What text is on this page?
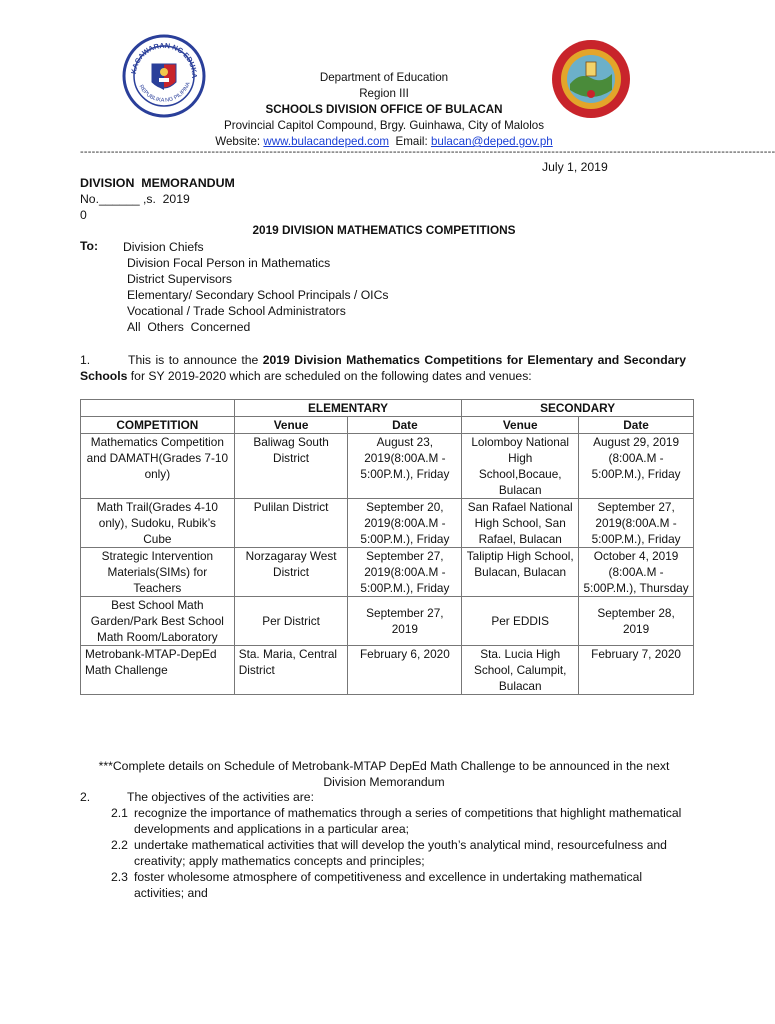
KAGAWARAN NG EDUKA
REPUBLIKA NG PILIPINA
Department of Education
Region III
SCHOOLS DIVISION OFFICE OF BULACAN
Provincial Capitol Compound, Brgy. Guinhawa, City of Malolos
Website: www.bulacandeped.com Email: bulacan@deped.gov.ph
------------------------------------------------------------------------------------------------------------------------------------------------------------------------------------
July 1, 2019
DIVISION  MEMORANDUM
No.______ ,s.  2019
0
2019 DIVISION MATHEMATICS COMPETITIONS
To: Division Chiefs
Division Focal Person in Mathematics
District Supervisors
Elementary/ Secondary School Principals / OICs
Vocational / Trade School Administrators
All  Others  Concerned
1.	This is to announce the 2019 Division Mathematics Competitions for Elementary and Secondary Schools for SY 2019-2020 which are scheduled on the following dates and venues:
	ELEMENTARY		SECONDARY	
COMPETITION	Venue	Date	Venue	Date
Mathematics Competition and DAMATH(Grades 7-10 only)	Baliwag South District	August 23, 2019(8:00A.M - 5:00P.M.), Friday	Lolomboy National High School,Bocaue, Bulacan	August 29, 2019 (8:00A.M - 5:00P.M.), Friday
Math Trail(Grades 4-10 only), Sudoku, Rubik’s Cube	Pulilan District	September 20, 2019(8:00A.M - 5:00P.M.), Friday	San Rafael National High School, San Rafael, Bulacan	September 27, 2019(8:00A.M - 5:00P.M.), Friday
Strategic Intervention Materials(SIMs) for Teachers	Norzagaray West District	September 27, 2019(8:00A.M - 5:00P.M.), Friday	Taliptip High School, Bulacan, Bulacan	October 4, 2019 (8:00A.M - 5:00P.M.), Thursday
Best School Math Garden/Park Best School Math Room/Laboratory	Per District	September 27, 2019	Per EDDIS	September 28, 2019
Metrobank-MTAP-DepEd Math Challenge	Sta. Maria, Central District	February 6, 2020	Sta. Lucia High School, Calumpit, Bulacan	February 7, 2020
***Complete details on Schedule of Metrobank-MTAP DepEd Math Challenge to be announced in the next Division Memorandum
2.	The objectives of the activities are:
2.1 recognize the importance of mathematics through a series of competitions that highlight mathematical developments and applications in a particular area;
2.2 undertake mathematical activities that will develop the youth’s analytical mind, resourcefulness and creativity; apply mathematics concepts and principles;
2.3 foster wholesome atmosphere of competitiveness and excellence in undertaking mathematical activities; and
